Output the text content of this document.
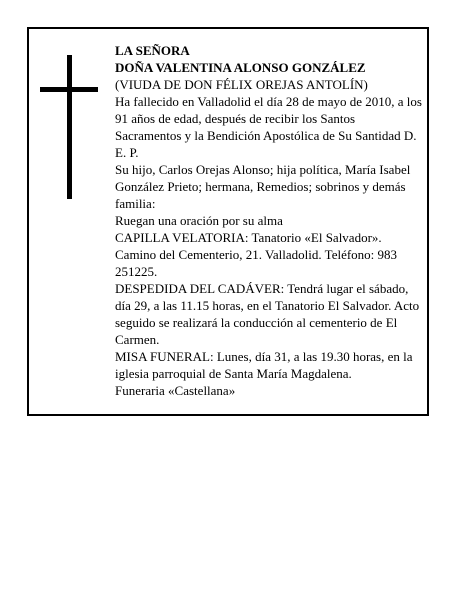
LA SEÑORA

DOÑA VALENTINA ALONSO GONZÁLEZ

(VIUDA DE DON FÉLIX OREJAS ANTOLÍN)

Ha fallecido en Valladolid el día 28 de mayo de 2010, a los 91 años de edad, después de recibir los Santos Sacramentos y la Bendición Apostólica de Su Santidad D. E. P.

Su hijo, Carlos Orejas Alonso; hija política, María Isabel González Prieto; hermana, Remedios; sobrinos y demás familia:

Ruegan una oración por su alma

CAPILLA VELATORIA: Tanatorio «El Salvador». Camino del Cementerio, 21. Valladolid. Teléfono: 983 251225.

DESPEDIDA DEL CADÁVER: Tendrá lugar el sábado, día 29, a las 11.15 horas, en el Tanatorio El Salvador. Acto seguido se realizará la conducción al cementerio de El Carmen.

MISA FUNERAL: Lunes, día 31, a las 19.30 horas, en la iglesia parroquial de Santa María Magdalena.

Funeraria «Castellana»
